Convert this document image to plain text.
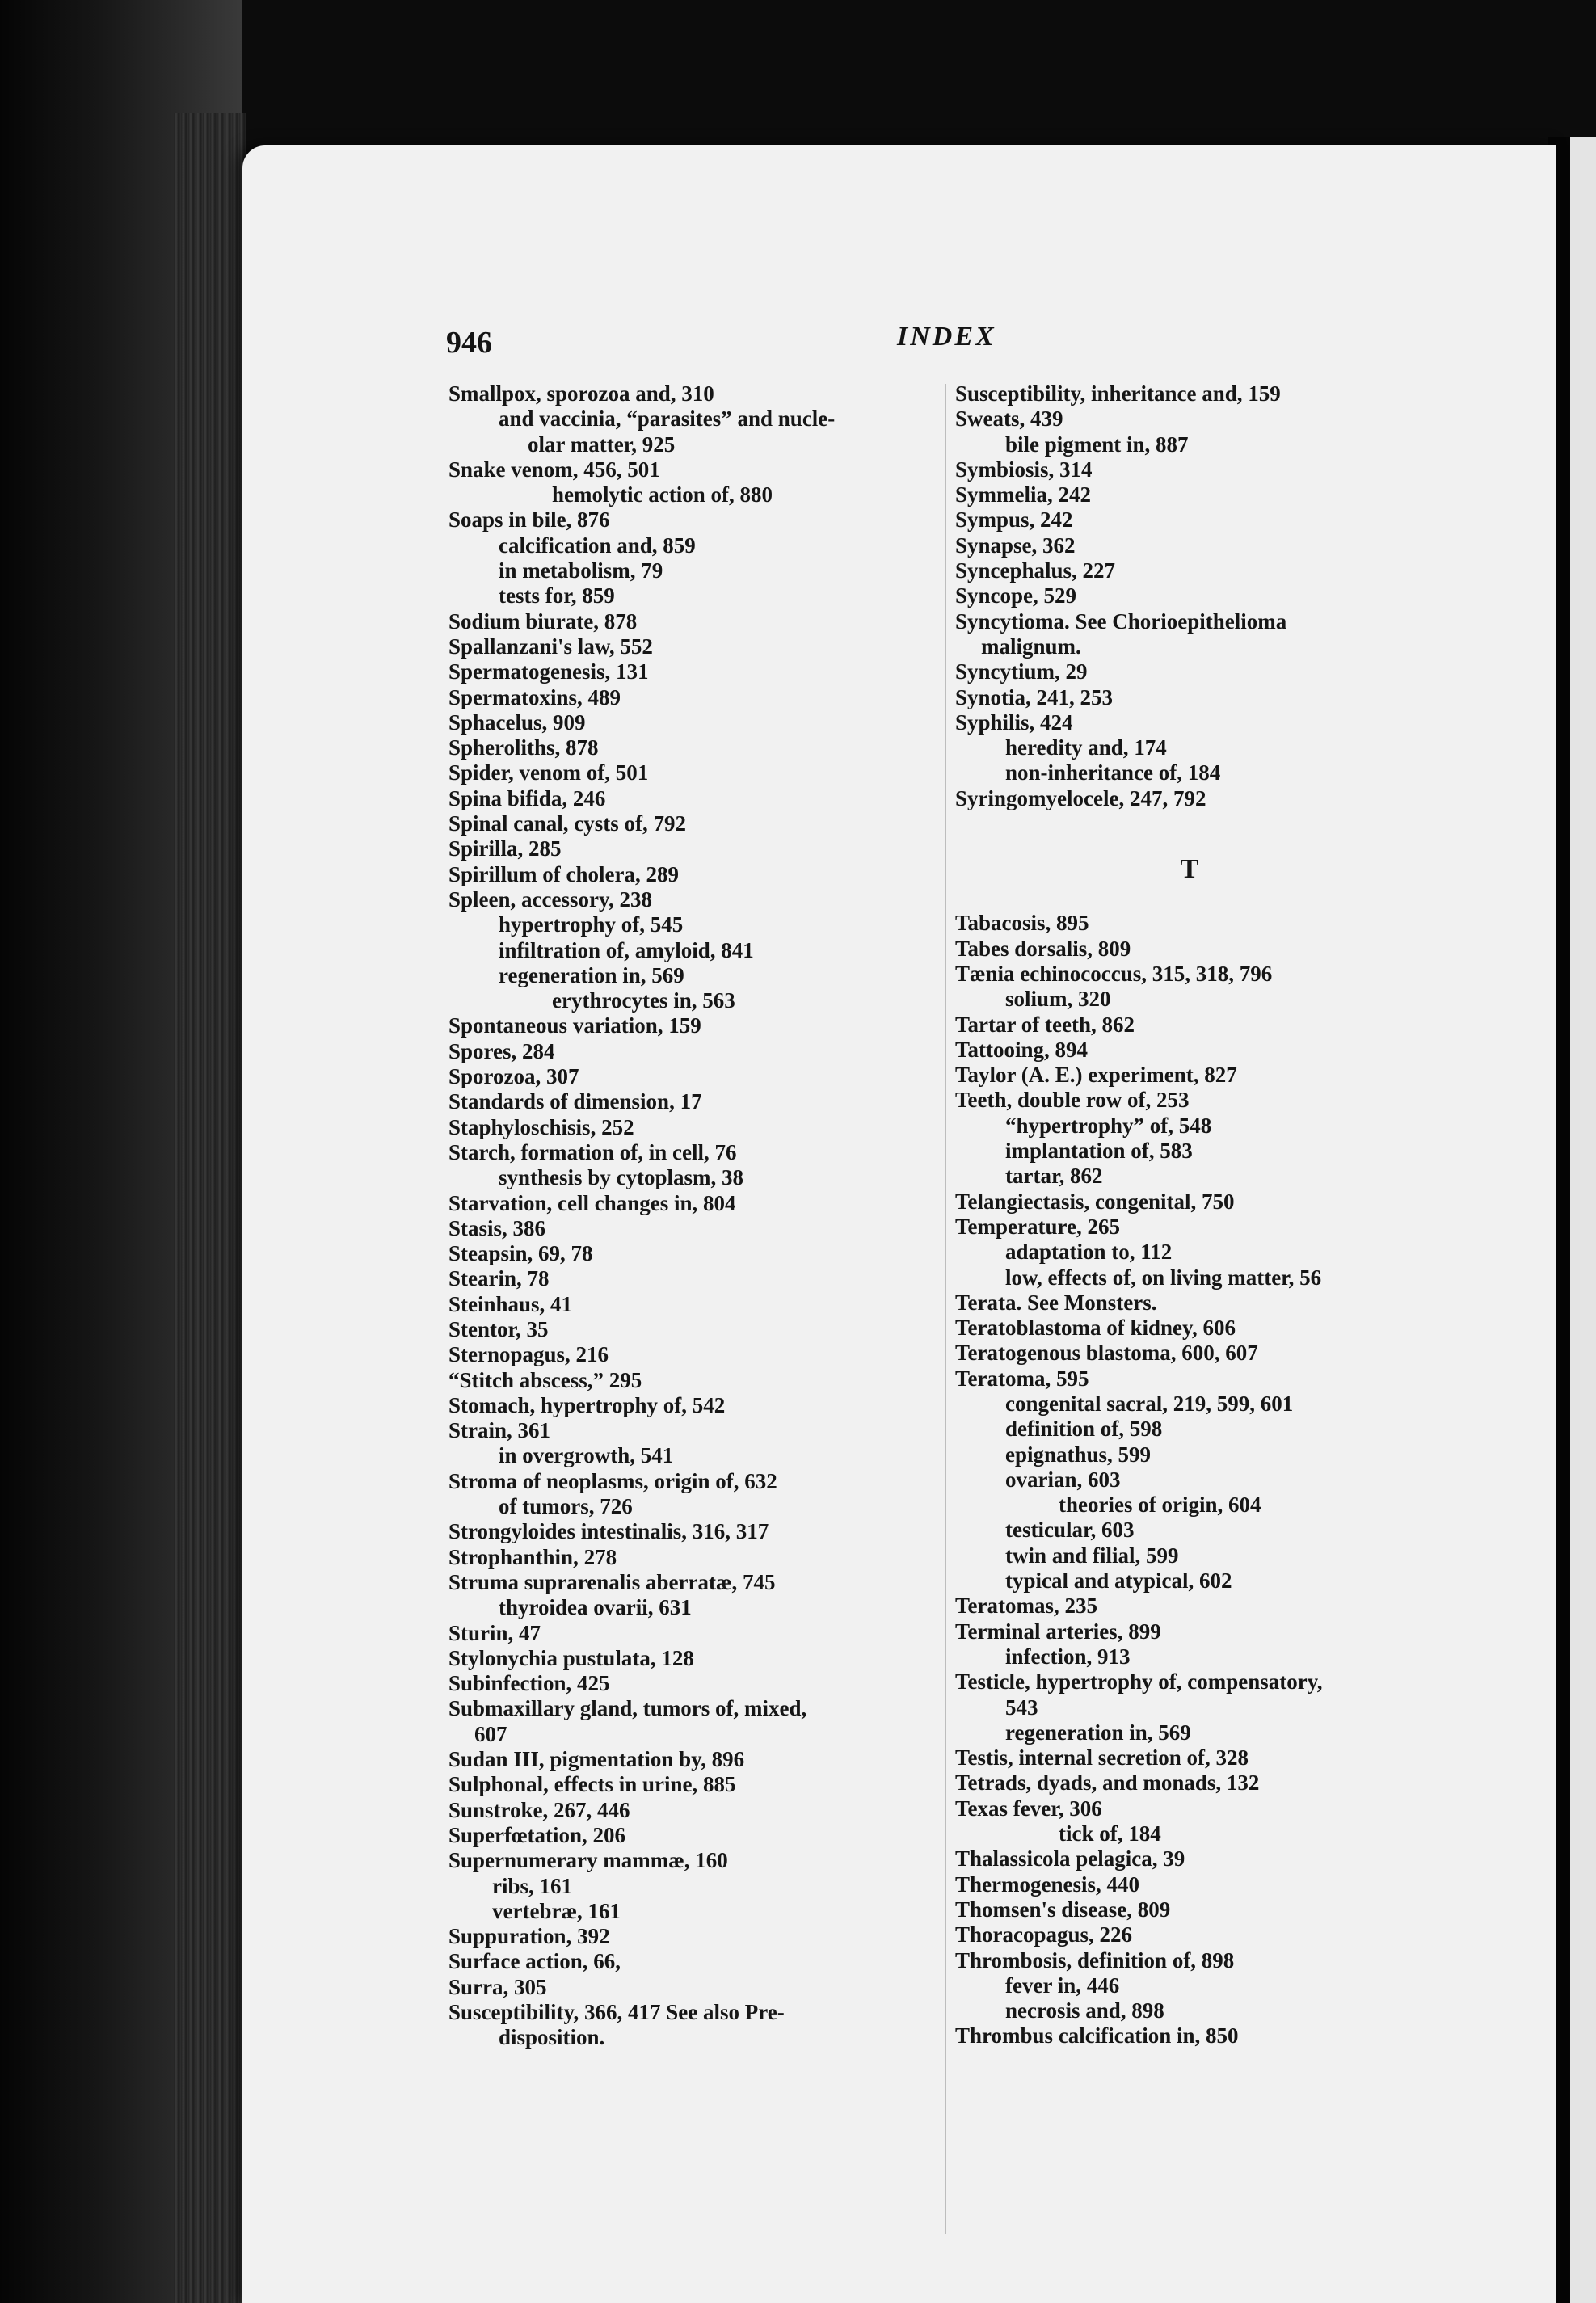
946	INDEX
Smallpox, sporozoa and, 310
and vaccinia, “parasites” and nucle-
olar matter, 925
Snake venom, 456, 501
hemolytic action of, 880
Soaps in bile, 876
calcification and, 859
in metabolism, 79
tests for, 859
Sodium biurate, 878
Spallanzani's law, 552
Spermatogenesis, 131
Spermatoxins, 489
Sphacelus, 909
Spheroliths, 878
Spider, venom of, 501
Spina bifida, 246
Spinal canal, cysts of, 792
Spirilla, 285
Spirillum of cholera, 289
Spleen, accessory, 238
hypertrophy of, 545
infiltration of, amyloid, 841
regeneration in, 569
erythrocytes in, 563
Spontaneous variation, 159
Spores, 284
Sporozoa, 307
Standards of dimension, 17
Staphyloschisis, 252
Starch, formation of, in cell, 76
synthesis by cytoplasm, 38
Starvation, cell changes in, 804
Stasis, 386
Steapsin, 69, 78
Stearin, 78
Steinhaus, 41
Stentor, 35
Sternopagus, 216
“Stitch abscess,” 295
Stomach, hypertrophy of, 542
Strain, 361
in overgrowth, 541
Stroma of neoplasms, origin of, 632
of tumors, 726
Strongyloides intestinalis, 316, 317
Strophanthin, 278
Struma suprarenalis aberratæ, 745
thyroidea ovarii, 631
Sturin, 47
Stylonychia pustulata, 128
Subinfection, 425
Submaxillary gland, tumors of, mixed,
607
Sudan III, pigmentation by, 896
Sulphonal, effects in urine, 885
Sunstroke, 267, 446
Superfœtation, 206
Supernumerary mammæ, 160
ribs, 161
vertebræ, 161
Suppuration, 392
Surface action, 66,
Surra, 305
Susceptibility, 366, 417 See also Pre-
disposition.
Susceptibility, inheritance and, 159
Sweats, 439
bile pigment in, 887
Symbiosis, 314
Symmelia, 242
Sympus, 242
Synapse, 362
Syncephalus, 227
Syncope, 529
Syncytioma. See Chorioepithelioma
malignum.
Syncytium, 29
Synotia, 241, 253
Syphilis, 424
heredity and, 174
non-inheritance of, 184
Syringomyelocele, 247, 792
T
Tabacosis, 895
Tabes dorsalis, 809
Tænia echinococcus, 315, 318, 796
solium, 320
Tartar of teeth, 862
Tattooing, 894
Taylor (A. E.) experiment, 827
Teeth, double row of, 253
“hypertrophy” of, 548
implantation of, 583
tartar, 862
Telangiectasis, congenital, 750
Temperature, 265
adaptation to, 112
low, effects of, on living matter, 56
Terata. See Monsters.
Teratoblastoma of kidney, 606
Teratogenous blastoma, 600, 607
Teratoma, 595
congenital sacral, 219, 599, 601
definition of, 598
epignathus, 599
ovarian, 603
theories of origin, 604
testicular, 603
twin and filial, 599
typical and atypical, 602
Teratomas, 235
Terminal arteries, 899
infection, 913
Testicle, hypertrophy of, compensatory,
543
regeneration in, 569
Testis, internal secretion of, 328
Tetrads, dyads, and monads, 132
Texas fever, 306
tick of, 184
Thalassicola pelagica, 39
Thermogenesis, 440
Thomsen's disease, 809
Thoracopagus, 226
Thrombosis, definition of, 898
fever in, 446
necrosis and, 898
Thrombus calcification in, 850
